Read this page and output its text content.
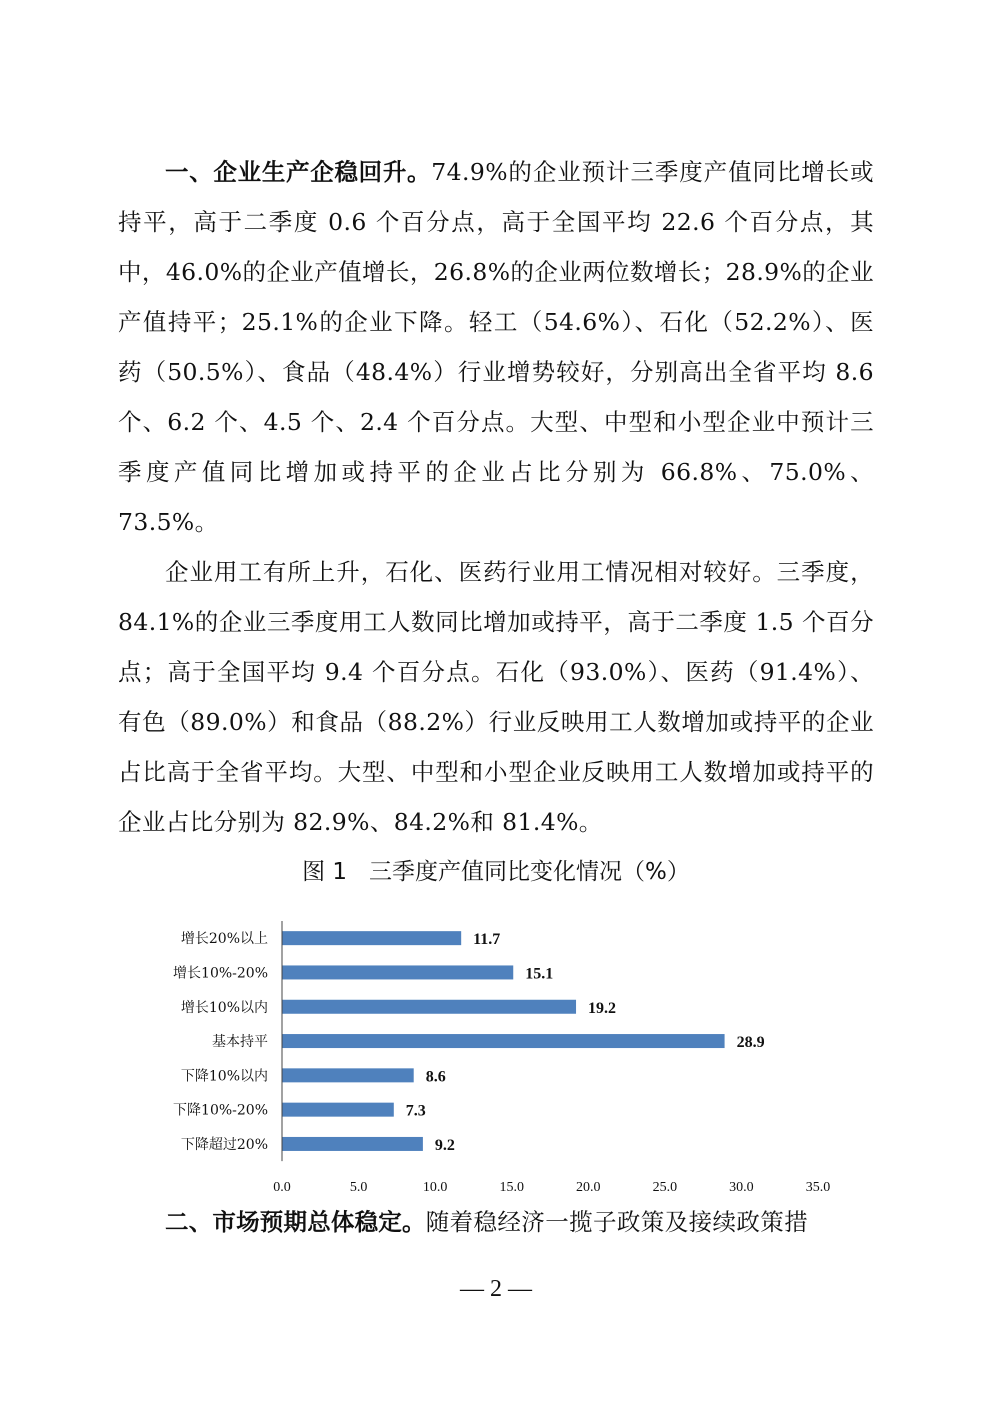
一、企业生产企稳回升。74.9%的企业预计三季度产值同比增长或持平，高于二季度 0.6 个百分点，高于全国平均 22.6 个百分点，其中，46.0%的企业产值增长，26.8%的企业两位数增长；28.9%的企业产值持平；25.1%的企业下降。轻工（54.6%）、石化（52.2%）、医药（50.5%）、食品（48.4%）行业增势较好，分别高出全省平均 8.6 个、6.2 个、4.5 个、2.4 个百分点。大型、中型和小型企业中预计三季度产值同比增加或持平的企业占比分别为 66.8%、75.0%、73.5%。

企业用工有所上升，石化、医药行业用工情况相对较好。三季度，84.1%的企业三季度用工人数同比增加或持平，高于二季度 1.5 个百分点；高于全国平均 9.4 个百分点。石化（93.0%）、医药（91.4%）、有色（89.0%）和食品（88.2%）行业反映用工人数增加或持平的企业占比高于全省平均。大型、中型和小型企业反映用工人数增加或持平的企业占比分别为 82.9%、84.2%和 81.4%。

图 1 三季度产值同比变化情况（%）
增长20%以上
增长10%-20%
增长10%以内
基本持平
下降10%以内
下降10%-20%
下降超过20%
11.7
15.1
19.2
28.9
8.6
7.3
9.2
0.0	5.0	10.0	15.0	20.0	25.0	30.0	35.0

二、市场预期总体稳定。随着稳经济一揽子政策及接续政策措

— 2 —
